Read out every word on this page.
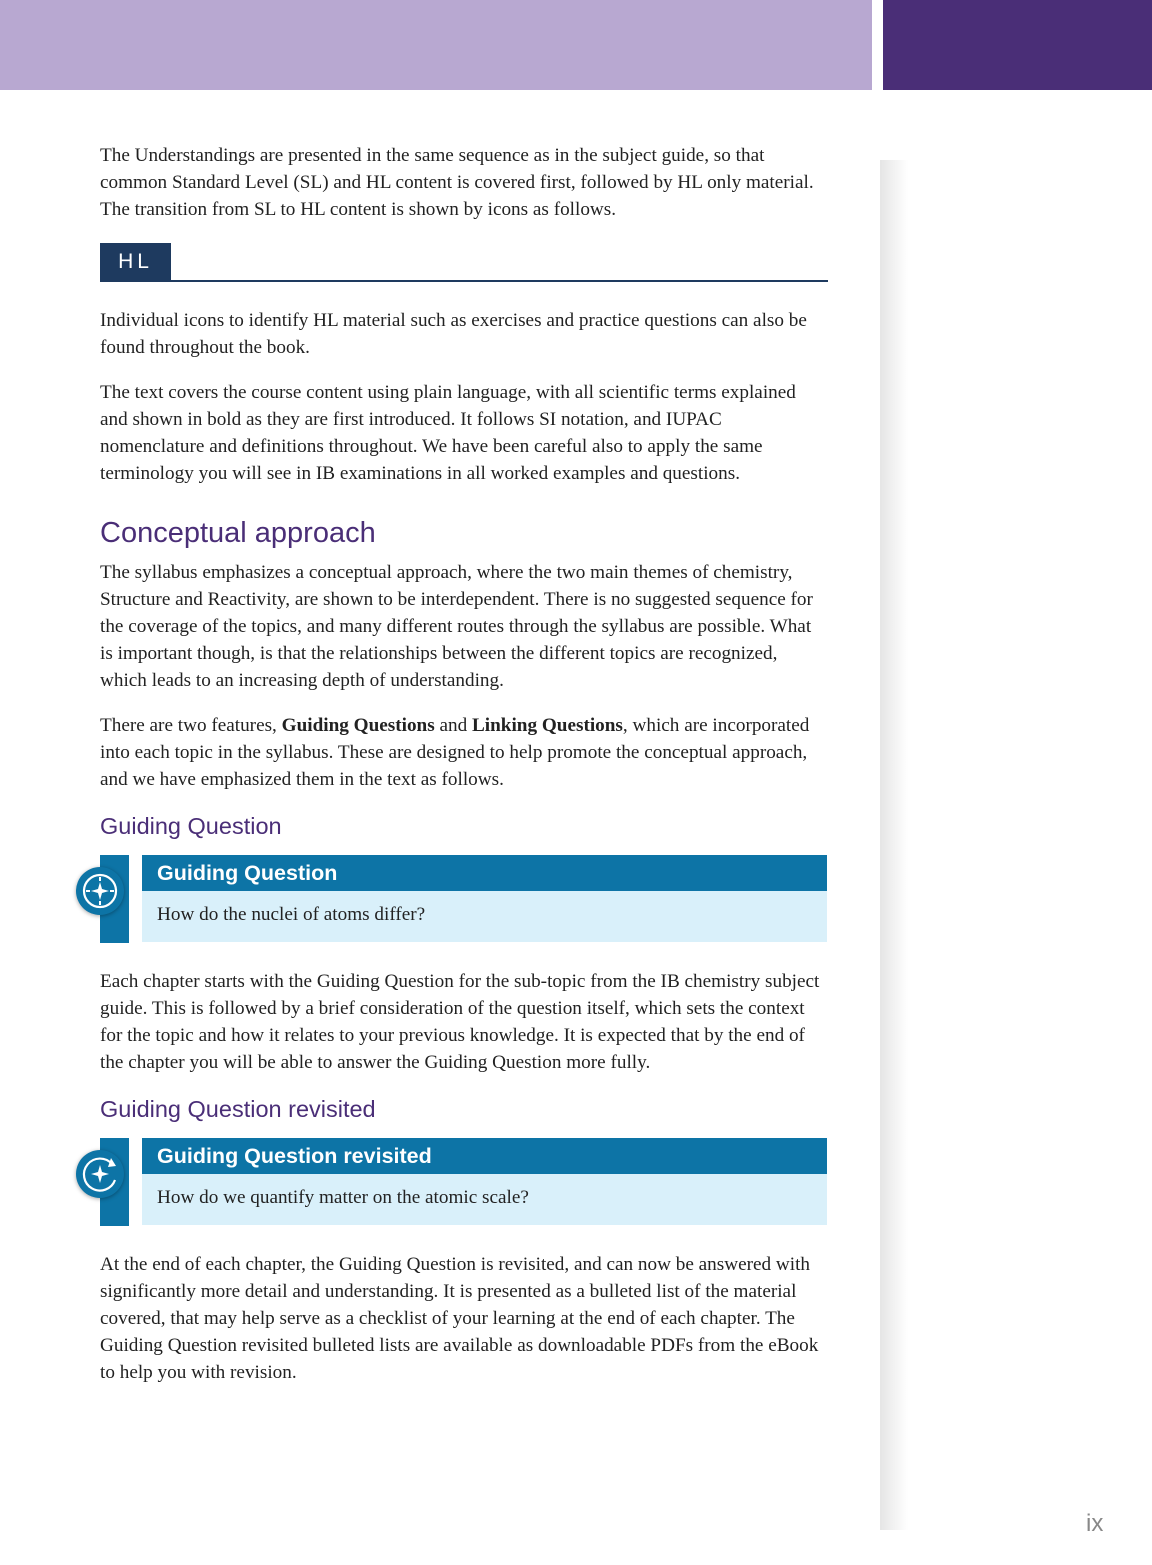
The Understandings are presented in the same sequence as in the subject guide, so that common Standard Level (SL) and HL content is covered first, followed by HL only material. The transition from SL to HL content is shown by icons as follows.

HL

Individual icons to identify HL material such as exercises and practice questions can also be found throughout the book.

The text covers the course content using plain language, with all scientific terms explained and shown in bold as they are first introduced. It follows SI notation, and IUPAC nomenclature and definitions throughout. We have been careful also to apply the same terminology you will see in IB examinations in all worked examples and questions.

Conceptual approach

The syllabus emphasizes a conceptual approach, where the two main themes of chemistry, Structure and Reactivity, are shown to be interdependent. There is no suggested sequence for the coverage of the topics, and many different routes through the syllabus are possible. What is important though, is that the relationships between the different topics are recognized, which leads to an increasing depth of understanding.

There are two features, Guiding Questions and Linking Questions, which are incorporated into each topic in the syllabus. These are designed to help promote the conceptual approach, and we have emphasized them in the text as follows.

Guiding Question
Guiding Question
How do the nuclei of atoms differ?

Each chapter starts with the Guiding Question for the sub-topic from the IB chemistry subject guide. This is followed by a brief consideration of the question itself, which sets the context for the topic and how it relates to your previous knowledge. It is expected that by the end of the chapter you will be able to answer the Guiding Question more fully.

Guiding Question revisited
Guiding Question revisited
How do we quantify matter on the atomic scale?

At the end of each chapter, the Guiding Question is revisited, and can now be answered with significantly more detail and understanding. It is presented as a bulleted list of the material covered, that may help serve as a checklist of your learning at the end of each chapter. The Guiding Question revisited bulleted lists are available as downloadable PDFs from the eBook to help you with revision.

ix
